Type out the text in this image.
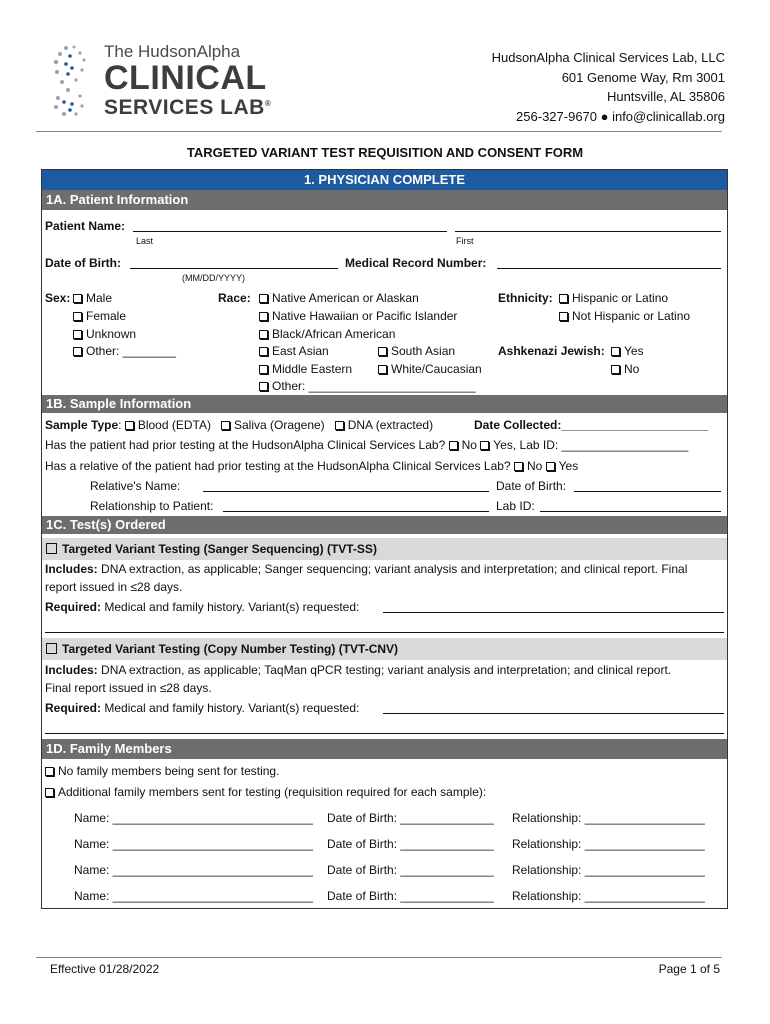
The HudsonAlpha
CLINICAL
SERVICES LAB®
HudsonAlpha Clinical Services Lab, LLC
601 Genome Way, Rm 3001
Huntsville, AL 35806
256-327-9670 ● info@clinicallab.org
TARGETED VARIANT TEST REQUISITION AND CONSENT FORM
1. PHYSICIAN COMPLETE
1A. Patient Information
Patient Name:
Last	First
Date of Birth:	Medical Record Number:
(MM/DD/YYYY)
Sex:	Male
Female
Unknown
Other: ________
Race:	Native American or Alaskan
Native Hawaiian or Pacific Islander
Black/African American
East Asian	South Asian
Middle Eastern	White/Caucasian
Other: _________________________
Ethnicity:	Hispanic or Latino
Not Hispanic or Latino
Ashkenazi Jewish:	Yes
No
1B. Sample Information
Sample Type: Blood (EDTA) Saliva (Oragene) DNA (extracted)	Date Collected:______________________
Has the patient had prior testing at the HudsonAlpha Clinical Services Lab? No Yes, Lab ID: ___________________
Has a relative of the patient had prior testing at the HudsonAlpha Clinical Services Lab? No Yes
Relative's Name:	Date of Birth:
Relationship to Patient:	Lab ID:
1C. Test(s) Ordered
Targeted Variant Testing (Sanger Sequencing) (TVT-SS)
Includes: DNA extraction, as applicable; Sanger sequencing; variant analysis and interpretation; and clinical report. Final
report issued in ≤28 days.
Required: Medical and family history. Variant(s) requested:
Targeted Variant Testing (Copy Number Testing) (TVT-CNV)
Includes: DNA extraction, as applicable; TaqMan qPCR testing; variant analysis and interpretation; and clinical report.
Final report issued in ≤28 days.
Required: Medical and family history. Variant(s) requested:
1D. Family Members
No family members being sent for testing.
Additional family members sent for testing (requisition required for each sample):
Name: ______________________________ Date of Birth: ______________ Relationship: __________________
Name: ______________________________ Date of Birth: ______________ Relationship: __________________
Name: ______________________________ Date of Birth: ______________ Relationship: __________________
Name: ______________________________ Date of Birth: ______________ Relationship: __________________
Effective 01/28/2022	Page 1 of 5
